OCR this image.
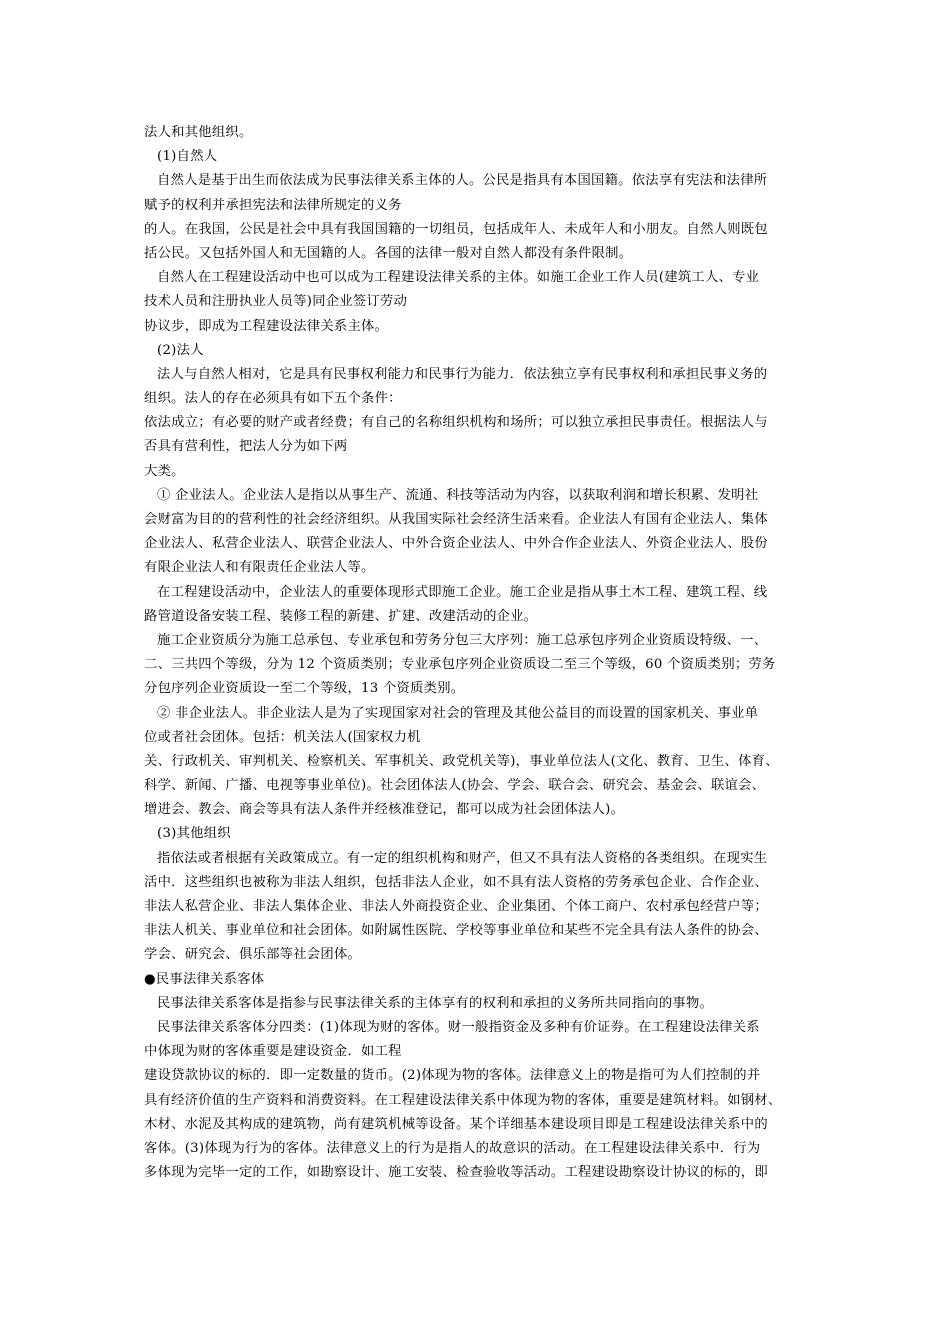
法人和其他组织。
(1)自然人
自然人是基于出生而依法成为民事法律关系主体的人。公民是指具有本国国籍。依法享有宪法和法律所
赋予的权利并承担宪法和法律所规定的义务
的人。在我国，公民是社会中具有我国国籍的一切组员，包括成年人、未成年人和小朋友。自然人则既包
括公民。又包括外国人和无国籍的人。各国的法律一般对自然人都没有条件限制。
自然人在工程建设活动中也可以成为工程建设法律关系的主体。如施工企业工作人员(建筑工人、专业
技术人员和注册执业人员等)同企业签订劳动
协议步，即成为工程建设法律关系主体。
(2)法人
法人与自然人相对，它是具有民事权利能力和民事行为能力．依法独立享有民事权利和承担民事义务的
组织。法人的存在必须具有如下五个条件：
依法成立；有必要的财产或者经费；有自己的名称组织机构和场所；可以独立承担民事责任。根据法人与
否具有营利性，把法人分为如下两
大类。
① 企业法人。企业法人是指以从事生产、流通、科技等活动为内容，以获取利润和增长积累、发明社
会财富为目的的营利性的社会经济组织。从我国实际社会经济生活来看。企业法人有国有企业法人、集体
企业法人、私营企业法人、联营企业法人、中外合资企业法人、中外合作企业法人、外资企业法人、股份
有限企业法人和有限责任企业法人等。
在工程建设活动中，企业法人的重要体现形式即施工企业。施工企业是指从事土木工程、建筑工程、线
路管道设备安装工程、装修工程的新建、扩建、改建活动的企业。
施工企业资质分为施工总承包、专业承包和劳务分包三大序列：施工总承包序列企业资质设特级、一、
二、三共四个等级，分为 12 个资质类别；专业承包序列企业资质设二至三个等级，60 个资质类别；劳务
分包序列企业资质设一至二个等级，13 个资质类别。
② 非企业法人。非企业法人是为了实现国家对社会的管理及其他公益目的而设置的国家机关、事业单
位或者社会团体。包括：机关法人(国家权力机
关、行政机关、审判机关、检察机关、军事机关、政党机关等)，事业单位法人(文化、教育、卫生、体育、
科学、新闻、广播、电视等事业单位)。社会团体法人(协会、学会、联合会、研究会、基金会、联谊会、
增进会、教会、商会等具有法人条件并经核准登记，都可以成为社会团体法人)。
(3)其他组织
指依法或者根据有关政策成立。有一定的组织机构和财产，但又不具有法人资格的各类组织。在现实生
活中．这些组织也被称为非法人组织，包括非法人企业，如不具有法人资格的劳务承包企业、合作企业、
非法人私营企业、非法人集体企业、非法人外商投资企业、企业集团、个体工商户、农村承包经营户等；
非法人机关、事业单位和社会团体。如附属性医院、学校等事业单位和某些不完全具有法人条件的协会、
学会、研究会、俱乐部等社会团体。
●民事法律关系客体
民事法律关系客体是指参与民事法律关系的主体享有的权利和承担的义务所共同指向的事物。
民事法律关系客体分四类：(1)体现为财的客体。财一般指资金及多种有价证券。在工程建设法律关系
中体现为财的客体重要是建设资金．如工程
建设贷款协议的标的．即一定数量的货币。(2)体现为物的客体。法律意义上的物是指可为人们控制的并
具有经济价值的生产资料和消费资料。在工程建设法律关系中体现为物的客体，重要是建筑材料。如钢材、
木材、水泥及其构成的建筑物，尚有建筑机械等设备。某个详细基本建设项目即是工程建设法律关系中的
客体。(3)体现为行为的客体。法律意义上的行为是指人的故意识的活动。在工程建设法律关系中．行为
多体现为完毕一定的工作，如勘察设计、施工安装、检查验收等活动。工程建设勘察设计协议的标的，即
